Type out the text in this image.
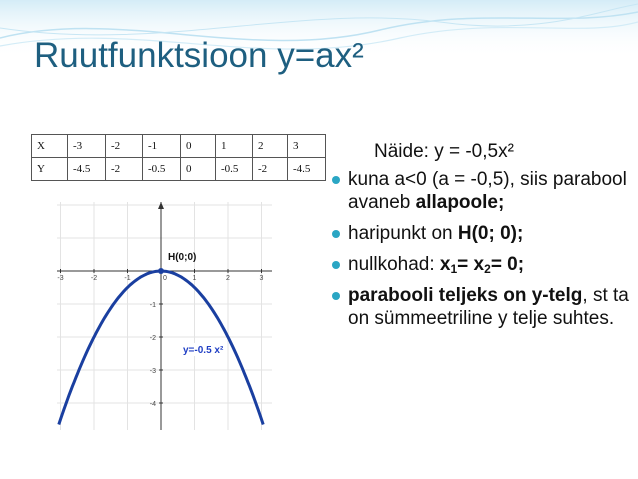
Ruutfunktsioon y=ax²
X	-3	-2	-1	0	1	2	3
Y	-4.5	-2	-0.5	0	-0.5	-2	-4.5
-3	-2	-1	0	1	2	3
-1
-2
-3
-4
H(0;0)
y=-0.5 x²
Näide: y = -0,5x²
kuna a<0 (a = -0,5), siis parabool avaneb allapoole;
haripunkt on H(0; 0);
nullkohad: $x_1= x_2= 0$;
parabooli teljeks on y-telg, st ta on sümmeetriline y telje suhtes.
